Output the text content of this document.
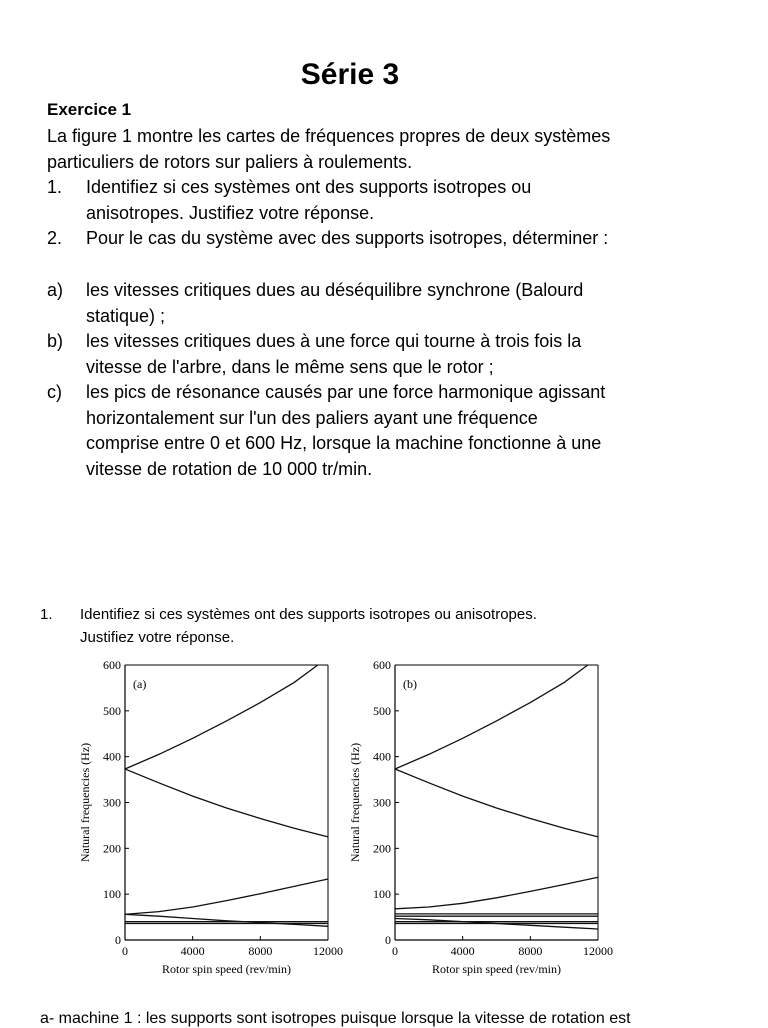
Série 3
Exercice 1
La figure 1 montre les cartes de fréquences propres de deux systèmes
particuliers de rotors sur paliers à roulements.
1. Identifiez si ces systèmes ont des supports isotropes ou
anisotropes. Justifiez votre réponse.
2. Pour le cas du système avec des supports isotropes, déterminer :
a) les vitesses critiques dues au déséquilibre synchrone (Balourd
statique) ;
b) les vitesses critiques dues à une force qui tourne à trois fois la
vitesse de l'arbre, dans le même sens que le rotor ;
c) les pics de résonance causés par une force harmonique agissant
horizontalement sur l'un des paliers ayant une fréquence
comprise entre 0 et 600 Hz, lorsque la machine fonctionne à une
vitesse de rotation de 10 000 tr/min.
1. Identifiez si ces systèmes ont des supports isotropes ou anisotropes.
Justifiez votre réponse.
0
100
200
300
400
500
600
0	4000	8000	12000
Rotor spin speed (rev/min)
Natural frequencies (Hz)
(a)
0
100
200
300
400
500
600
0	4000	8000	12000
Rotor spin speed (rev/min)
Natural frequencies (Hz)
(b)
a- machine 1 : les supports sont isotropes puisque lorsque la vitesse de rotation est
